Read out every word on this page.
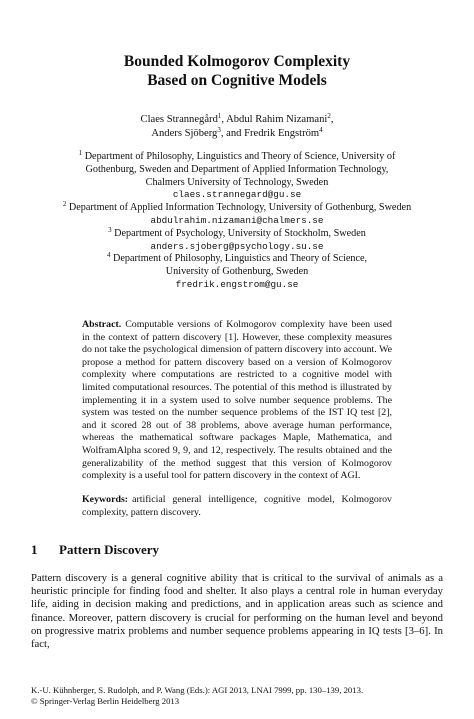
Bounded Kolmogorov Complexity
Based on Cognitive Models
Claes Strannegård$^1$, Abdul Rahim Nizamani$^2$,
Anders Sjöberg$^3$, and Fredrik Engström$^4$
$^1$ Department of Philosophy, Linguistics and Theory of Science, University of
Gothenburg, Sweden and Department of Applied Information Technology,
Chalmers University of Technology, Sweden
claes.strannegard@gu.se
$^2$ Department of Applied Information Technology, University of Gothenburg, Sweden
abdulrahim.nizamani@chalmers.se
$^3$ Department of Psychology, University of Stockholm, Sweden
anders.sjoberg@psychology.su.se
$^4$ Department of Philosophy, Linguistics and Theory of Science,
University of Gothenburg, Sweden
fredrik.engstrom@gu.se
Abstract. Computable versions of Kolmogorov complexity have been used in the context of pattern discovery [1]. However, these complexity measures do not take the psychological dimension of pattern discovery into account. We propose a method for pattern discovery based on a version of Kolmogorov complexity where computations are restricted to a cognitive model with limited computational resources. The potential of this method is illustrated by implementing it in a system used to solve number sequence problems. The system was tested on the number sequence problems of the IST IQ test [2], and it scored 28 out of 38 problems, above average human performance, whereas the mathematical software packages Maple, Mathematica, and WolframAlpha scored 9, 9, and 12, respectively. The results obtained and the generalizability of the method suggest that this version of Kolmogorov complexity is a useful tool for pattern discovery in the context of AGI.
Keywords: artificial general intelligence, cognitive model, Kolmogorov complexity, pattern discovery.
1 Pattern Discovery
Pattern discovery is a general cognitive ability that is critical to the survival of animals as a heuristic principle for finding food and shelter. It also plays a central role in human everyday life, aiding in decision making and predictions, and in application areas such as science and finance. Moreover, pattern discovery is crucial for performing on the human level and beyond on progressive matrix problems and number sequence problems appearing in IQ tests [3–6]. In fact,
K.-U. Kühnberger, S. Rudolph, and P. Wang (Eds.): AGI 2013, LNAI 7999, pp. 130–139, 2013.
© Springer-Verlag Berlin Heidelberg 2013
